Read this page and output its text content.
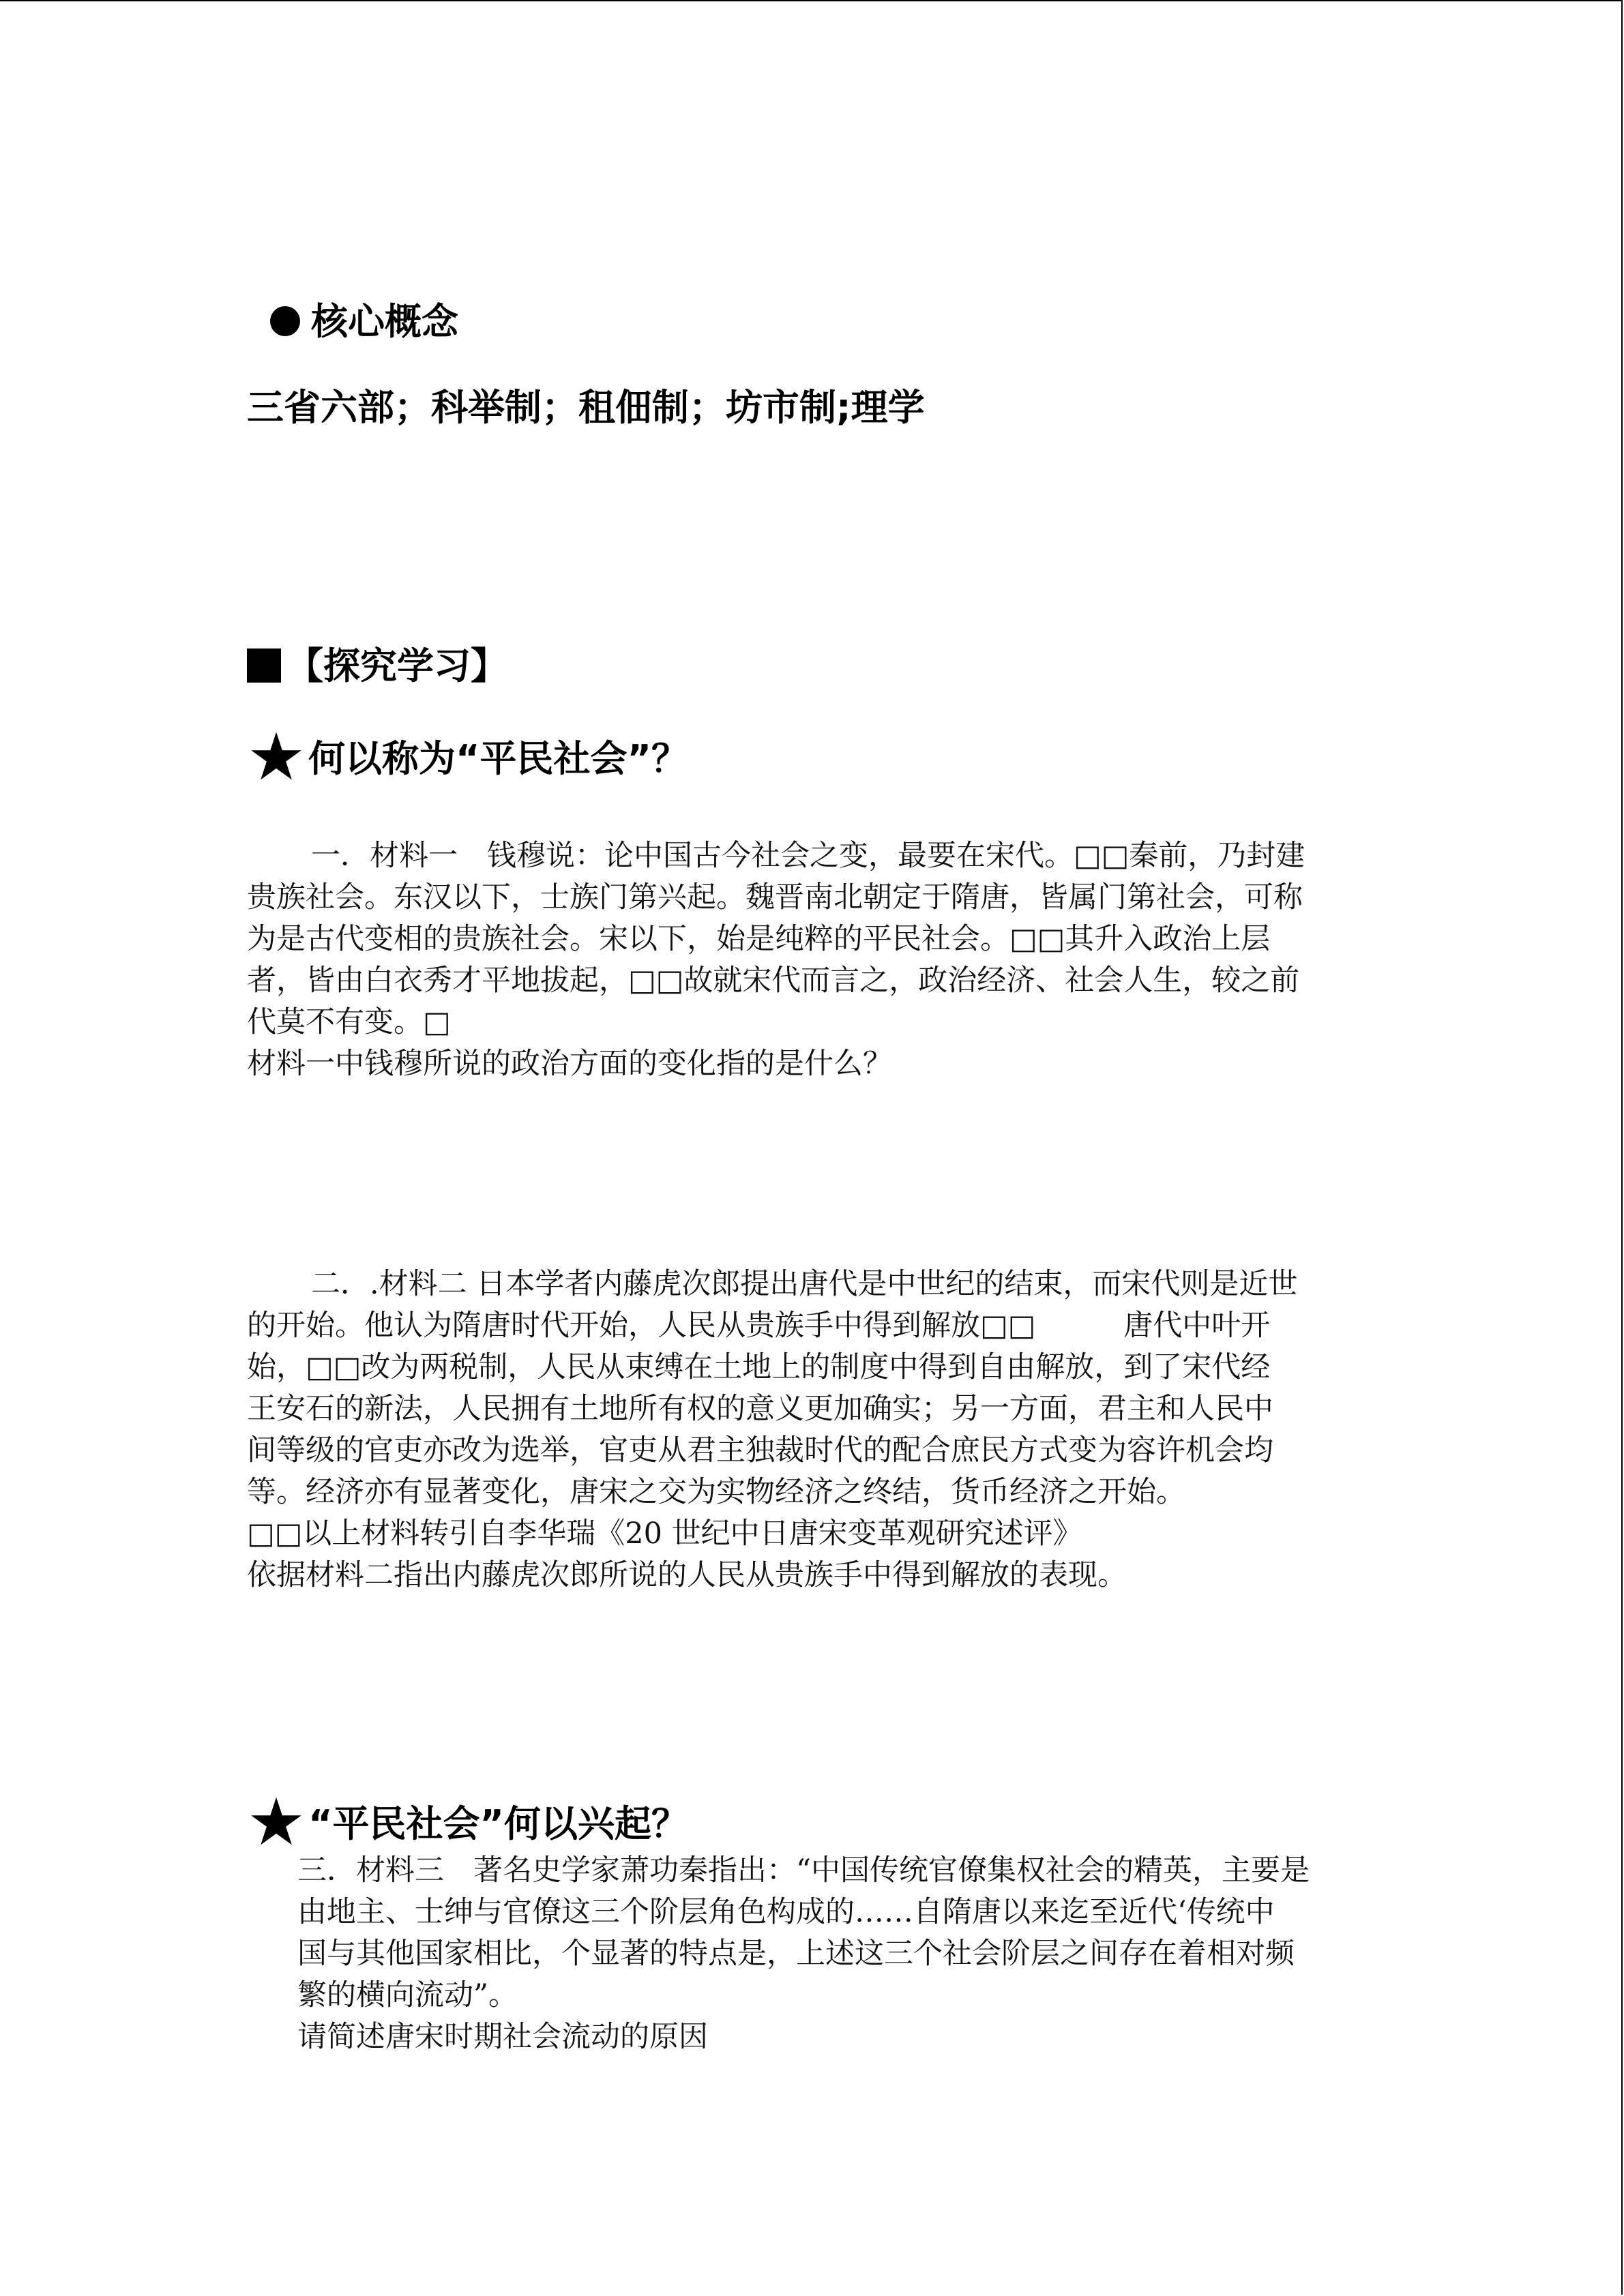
核心概念
三省六部；科举制；租佃制；坊市制;理学
【探究学习】
★何以称为“平民社会”？
一．材料一　钱穆说：论中国古今社会之变，最要在宋代。□□秦前，乃封建
贵族社会。东汉以下，士族门第兴起。魏晋南北朝定于隋唐，皆属门第社会，可称
为是古代变相的贵族社会。宋以下，始是纯粹的平民社会。□□其升入政治上层
者，皆由白衣秀才平地拔起，□□故就宋代而言之，政治经济、社会人生，较之前
代莫不有变。□
材料一中钱穆所说的政治方面的变化指的是什么？
二．.材料二 日本学者内藤虎次郎提出唐代是中世纪的结束，而宋代则是近世
的开始。他认为隋唐时代开始，人民从贵族手中得到解放□□　　　唐代中叶开
始，□□改为两税制，人民从束缚在土地上的制度中得到自由解放，到了宋代经
王安石的新法，人民拥有土地所有权的意义更加确实；另一方面，君主和人民中
间等级的官吏亦改为选举，官吏从君主独裁时代的配合庶民方式变为容许机会均
等。经济亦有显著变化，唐宋之交为实物经济之终结，货币经济之开始。
□□以上材料转引自李华瑞《20 世纪中日唐宋变革观研究述评》
依据材料二指出内藤虎次郎所说的人民从贵族手中得到解放的表现。
★“平民社会”何以兴起？
三．材料三　著名史学家萧功秦指出：“中国传统官僚集权社会的精英，主要是
由地主、士绅与官僚这三个阶层角色构成的……自隋唐以来迄至近代‘传统中
国与其他国家相比，个显著的特点是，上述这三个社会阶层之间存在着相对频
繁的横向流动”。
请简述唐宋时期社会流动的原因
